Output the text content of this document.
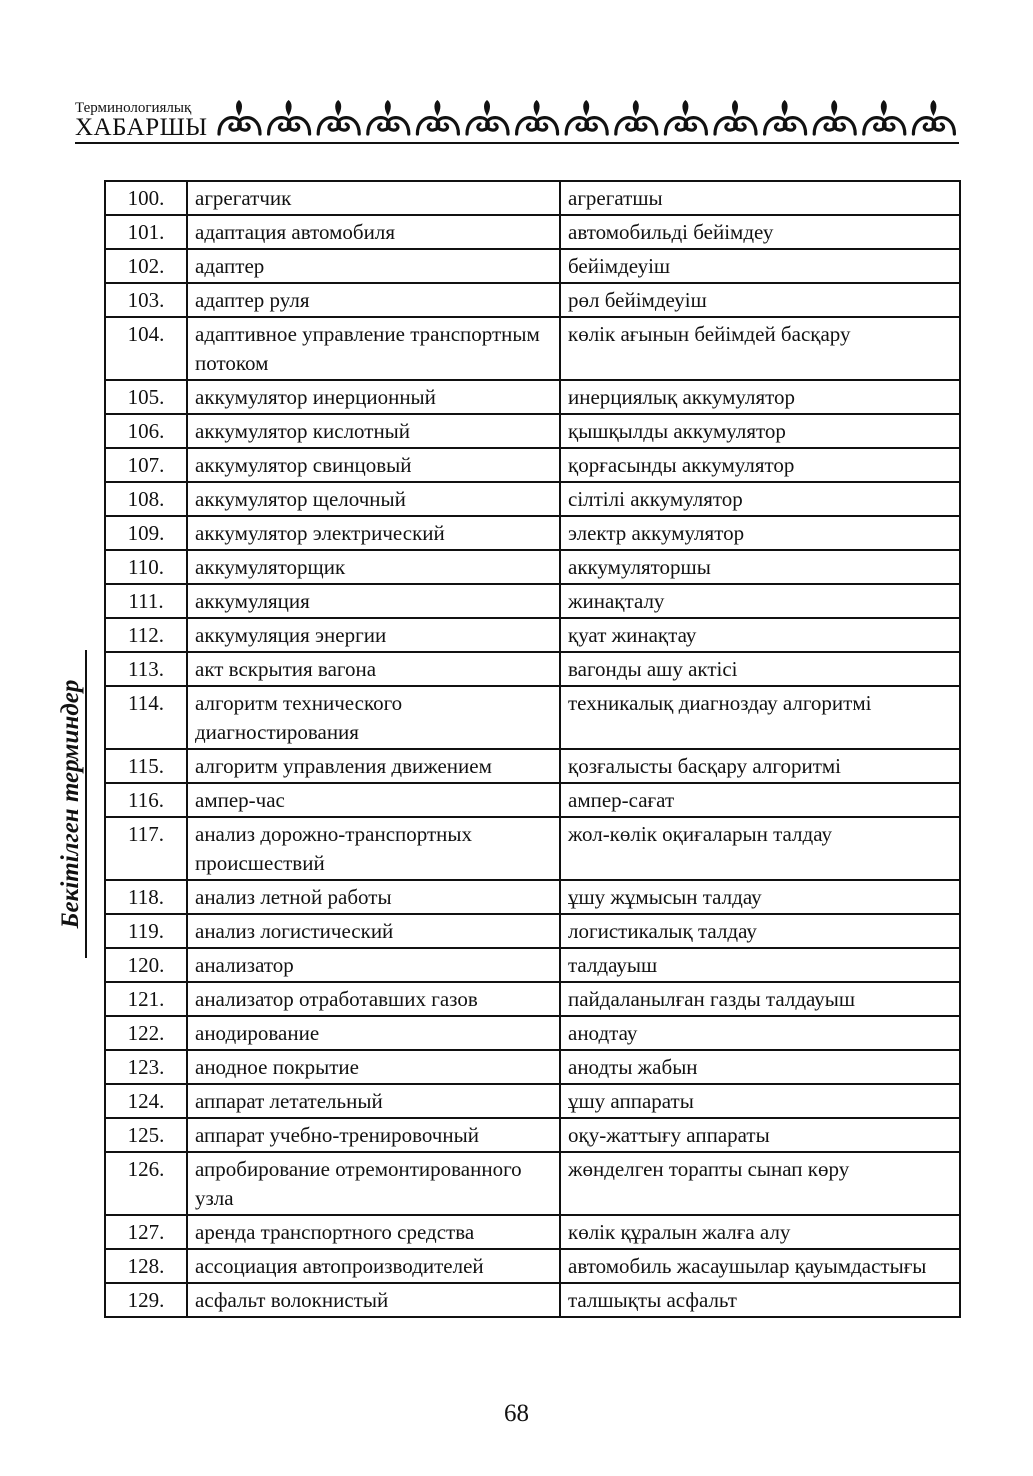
Терминологиялық
ХАБАРШЫ
Бекітілген терминдер
100.	агрегатчик	агрегатшы
101.	адаптация автомобиля	автомобильді бейімдеу
102.	адаптер	бейімдеуіш
103.	адаптер руля	рөл бейімдеуіш
104.	адаптивное управление транспортным потоком	көлік ағынын бейімдей басқару
105.	аккумулятор инерционный	инерциялық аккумулятор
106.	аккумулятор кислотный	қышқылды аккумулятор
107.	аккумулятор свинцовый	қорғасынды аккумулятор
108.	аккумулятор щелочный	сілтілі аккумулятор
109.	аккумулятор электрический	электр аккумулятор
110.	аккумуляторщик	аккумуляторшы
111.	аккумуляция	жинақталу
112.	аккумуляция энергии	қуат жинақтау
113.	акт вскрытия вагона	вагонды ашу актісі
114.	алгоритм технического диагностирования	техникалық диагноздау алгоритмі
115.	алгоритм управления движением	қозғалысты басқару алгоритмі
116.	ампер-час	ампер-сағат
117.	анализ дорожно-транспортных происшествий	жол-көлік оқиғаларын талдау
118.	анализ летной работы	ұшу жұмысын талдау
119.	анализ логистический	логистикалық талдау
120.	анализатор	талдауыш
121.	анализатор отработавших газов	пайдаланылған газды талдауыш
122.	анодирование	анодтау
123.	анодное покрытие	анодты жабын
124.	аппарат летательный	ұшу аппараты
125.	аппарат учебно-тренировочный	оқу-жаттығу аппараты
126.	апробирование отремонтированного узла	жөнделген торапты сынап көру
127.	аренда транспортного средства	көлік құралын жалға алу
128.	ассоциация автопроизводителей	автомобиль жасаушылар қауымдастығы
129.	асфальт волокнистый	талшықты асфальт
68
